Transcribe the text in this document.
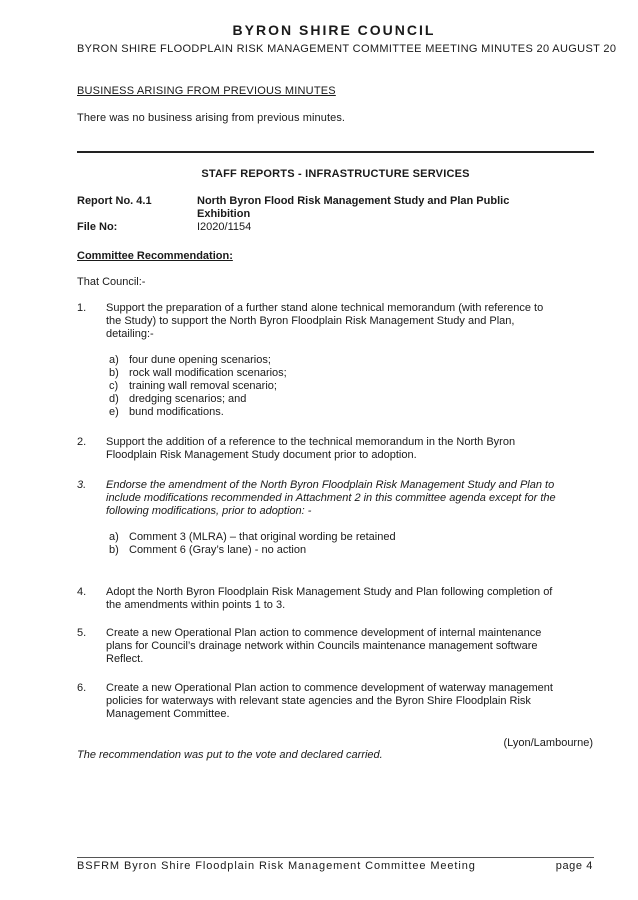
BYRON SHIRE COUNCIL
BYRON SHIRE FLOODPLAIN RISK MANAGEMENT COMMITTEE MEETING MINUTES 20 AUGUST 20
BUSINESS ARISING FROM PREVIOUS MINUTES
There was no business arising from previous minutes.
STAFF REPORTS - INFRASTRUCTURE SERVICES
Report No. 4.1	North Byron Flood Risk Management Study and Plan Public
Exhibition
File No:	I2020/1154
Committee Recommendation:
That Council:-
1. Support the preparation of a further stand alone technical memorandum (with reference to
the Study) to support the North Byron Floodplain Risk Management Study and Plan,
detailing:-
a) four dune opening scenarios;
b) rock wall modification scenarios;
c) training wall removal scenario;
d) dredging scenarios; and
e) bund modifications.
2. Support the addition of a reference to the technical memorandum in the North Byron
Floodplain Risk Management Study document prior to adoption.
3. Endorse the amendment of the North Byron Floodplain Risk Management Study and Plan to
include modifications recommended in Attachment 2 in this committee agenda except for the
following modifications, prior to adoption: -
a) Comment 3 (MLRA) – that original wording be retained
b) Comment 6 (Gray’s lane) - no action
4. Adopt the North Byron Floodplain Risk Management Study and Plan following completion of
the amendments within points 1 to 3.
5. Create a new Operational Plan action to commence development of internal maintenance
plans for Council’s drainage network within Councils maintenance management software
Reflect.
6. Create a new Operational Plan action to commence development of waterway management
policies for waterways with relevant state agencies and the Byron Shire Floodplain Risk
Management Committee.
(Lyon/Lambourne)
The recommendation was put to the vote and declared carried.
BSFRM Byron Shire Floodplain Risk Management Committee Meeting	page 4
